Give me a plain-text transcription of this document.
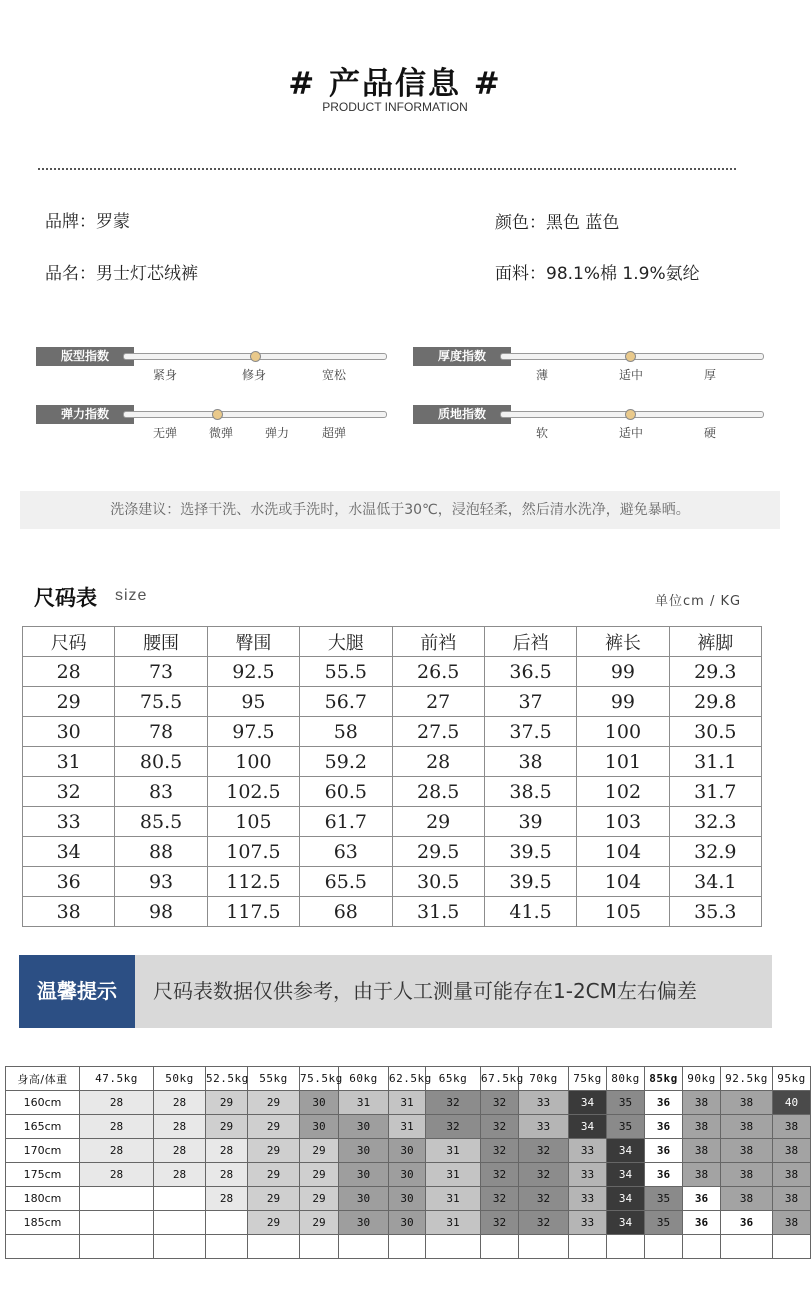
# 产品信息 #
PRODUCT INFORMATION
品牌：罗蒙	颜色：黑色 蓝色
品名：男士灯芯绒裤	面料：98.1%棉 1.9%氨纶
版型指数
紧身	修身	宽松
厚度指数
薄	适中	厚
弹力指数
无弹	微弹	弹力	超弹
质地指数
软	适中	硬
洗涤建议：选择干洗、水洗或手洗时，水温低于30℃，浸泡轻柔，然后清水洗净，避免暴晒。
尺码表 size	单位cm / KG
尺码	腰围	臀围	大腿	前裆	后裆	裤长	裤脚
28	73	92.5	55.5	26.5	36.5	99	29.3
29	75.5	95	56.7	27	37	99	29.8
30	78	97.5	58	27.5	37.5	100	30.5
31	80.5	100	59.2	28	38	101	31.1
32	83	102.5	60.5	28.5	38.5	102	31.7
33	85.5	105	61.7	29	39	103	32.3
34	88	107.5	63	29.5	39.5	104	32.9
36	93	112.5	65.5	30.5	39.5	104	34.1
38	98	117.5	68	31.5	41.5	105	35.3
温馨提示	尺码表数据仅供参考，由于人工测量可能存在1-2CM左右偏差
身高/体重	47.5kg	50kg	52.5kg	55kg	75.5kg	60kg	62.5kg	65kg	67.5kg	70kg	75kg	80kg	85kg	90kg	92.5kg	95kg
160cm	28	28	29	29	30	31	31	32	32	33	34	35	36	38	38	40
165cm	28	28	29	29	30	30	31	32	32	33	34	35	36	38	38	38
170cm	28	28	28	29	29	30	30	31	32	32	33	34	36	38	38	38
175cm	28	28	28	29	29	30	30	31	32	32	33	34	36	38	38	38
180cm			28	29	29	30	30	31	32	32	33	34	35	36	38	38
185cm				29	29	30	30	31	32	32	33	34	35	36	36	38
